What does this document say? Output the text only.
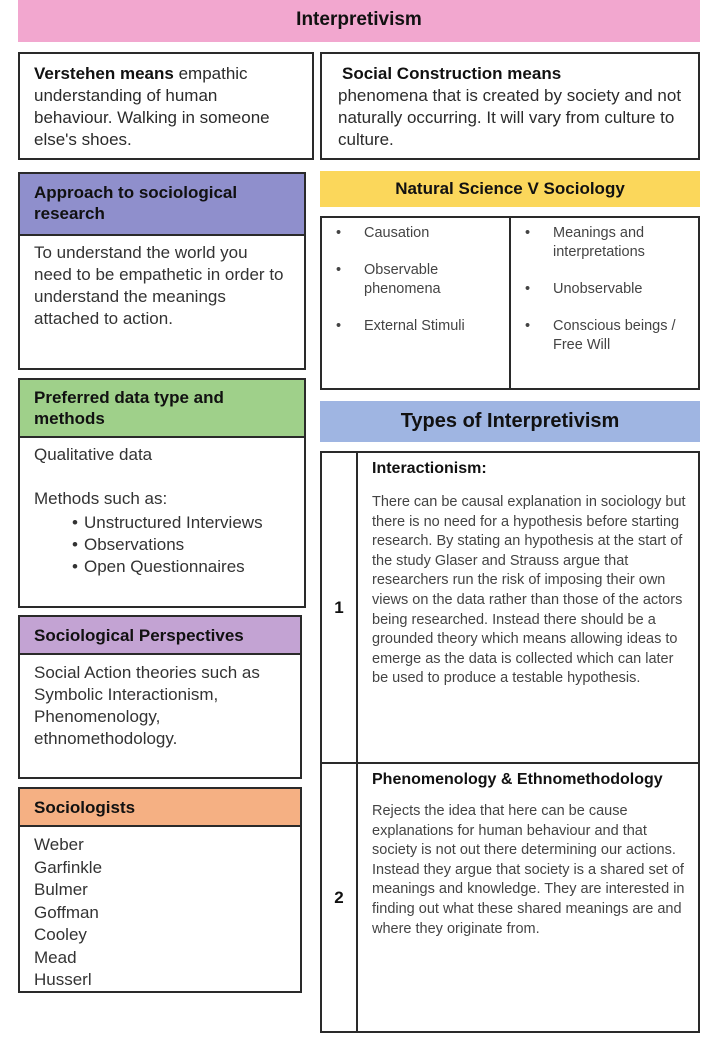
Interpretivism
Verstehen means empathic understanding of human behaviour. Walking in someone else's shoes.
Social Construction means
phenomena that is created by society and not naturally occurring. It will vary from culture to culture.
Approach to sociological research
To understand the world you need to be empathetic in order to understand the meanings attached to action.
Natural Science V Sociology
•	Causation
•	Observable phenomena
•	External Stimuli
•	Meanings and interpretations
•	Unobservable
•	Conscious beings / Free Will
Preferred data type and methods
Qualitative data
Methods such as:
• Unstructured Interviews
• Observations
• Open Questionnaires
Types of Interpretivism
1
Interactionism:
There can be causal explanation in sociology but there is no need for a hypothesis before starting research. By stating an hypothesis at the start of the study Glaser and Strauss argue that researchers run the risk of imposing their own views on the data rather than those of the actors being researched. Instead there should be a grounded theory which means allowing ideas to emerge as the data is collected which can later be used to produce a testable hypothesis.
2
Phenomenology & Ethnomethodology
Rejects the idea that here can be cause explanations for human behaviour and that society is not out there determining our actions. Instead they argue that society is a shared set of meanings and knowledge. They are interested in finding out what these shared meanings are and where they originate from.
Sociological Perspectives
Social Action theories such as Symbolic Interactionism, Phenomenology, ethnomethodology.
Sociologists
Weber
Garfinkle
Bulmer
Goffman
Cooley
Mead
Husserl
